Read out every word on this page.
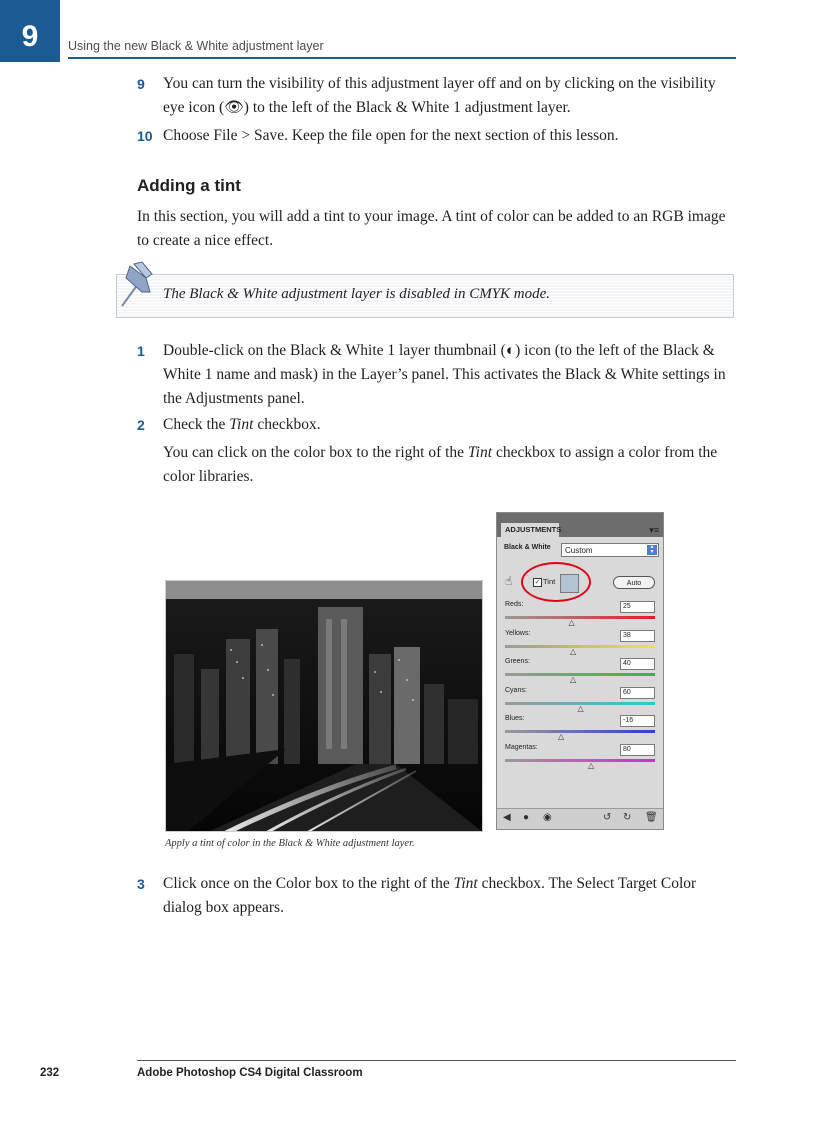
9 Using the new Black & White adjustment layer
9 You can turn the visibility of this adjustment layer off and on by clicking on the visibility eye icon (👁) to the left of the Black & White 1 adjustment layer.
10 Choose File > Save. Keep the file open for the next section of this lesson.
Adding a tint
In this section, you will add a tint to your image. A tint of color can be added to an RGB image to create a nice effect.
The Black & White adjustment layer is disabled in CMYK mode.
1 Double-click on the Black & White 1 layer thumbnail (◐) icon (to the left of the Black & White 1 name and mask) in the Layer’s panel. This activates the Black & White settings in the Adjustments panel.
2 Check the Tint checkbox.
You can click on the color box to the right of the Tint checkbox to assign a color from the color libraries.
ADJUSTMENTS	▾≡
Black & White	Custom	▴
▾
☝	✓ Tint	Auto
Reds:	25
△
Yellows:	38
△
Greens:	40
△
Cyans:	60
△
Blues:	-16
△
Magentas:	80
△
◀ ● ◉	↺ ↻ 🗑
Apply a tint of color in the Black & White adjustment layer.
3 Click once on the Color box to the right of the Tint checkbox. The Select Target Color dialog box appears.
232	Adobe Photoshop CS4 Digital Classroom
